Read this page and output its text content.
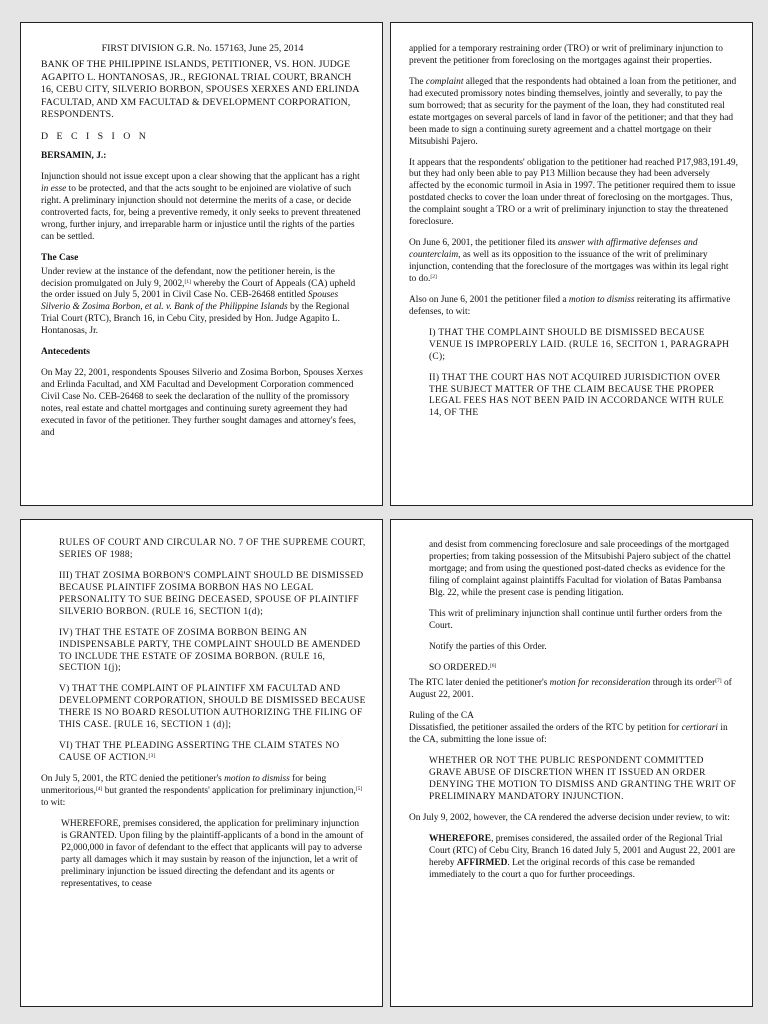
FIRST DIVISION G.R. No. 157163, June 25, 2014

BANK OF THE PHILIPPINE ISLANDS, PETITIONER, VS. HON. JUDGE AGAPITO L. HONTANOSAS, JR., REGIONAL TRIAL COURT, BRANCH 16, CEBU CITY, SILVERIO BORBON, SPOUSES XERXES AND ERLINDA FACULTAD, AND XM FACULTAD & DEVELOPMENT CORPORATION, RESPONDENTS.

D E C I S I O N

BERSAMIN, J.:

Injunction should not issue except upon a clear showing that the applicant has a right in esse to be protected, and that the acts sought to be enjoined are violative of such right. A preliminary injunction should not determine the merits of a case, or decide controverted facts, for, being a preventive remedy, it only seeks to prevent threatened wrong, further injury, and irreparable harm or injustice until the rights of the parties can be settled.

The Case

Under review at the instance of the defendant, now the petitioner herein, is the decision promulgated on July 9, 2002,[1] whereby the Court of Appeals (CA) upheld the order issued on July 5, 2001 in Civil Case No. CEB-26468 entitled Spouses Silverio & Zosima Borbon, et al. v. Bank of the Philippine Islands by the Regional Trial Court (RTC), Branch 16, in Cebu City, presided by Hon. Judge Agapito L. Hontanosas, Jr.

Antecedents

On May 22, 2001, respondents Spouses Silverio and Zosima Borbon, Spouses Xerxes and Erlinda Facultad, and XM Facultad and Development Corporation commenced Civil Case No. CEB-26468 to seek the declaration of the nullity of the promissory notes, real estate and chattel mortgages and continuing surety agreement they had executed in favor of the petitioner. They further sought damages and attorney's fees, and

applied for a temporary restraining order (TRO) or writ of preliminary injunction to prevent the petitioner from foreclosing on the mortgages against their properties.

The complaint alleged that the respondents had obtained a loan from the petitioner, and had executed promissory notes binding themselves, jointly and severally, to pay the sum borrowed; that as security for the payment of the loan, they had constituted real estate mortgages on several parcels of land in favor of the petitioner; and that they had been made to sign a continuing surety agreement and a chattel mortgage on their Mitsubishi Pajero.

It appears that the respondents' obligation to the petitioner had reached P17,983,191.49, but they had only been able to pay P13 Million because they had been adversely affected by the economic turmoil in Asia in 1997. The petitioner required them to issue postdated checks to cover the loan under threat of foreclosing on the mortgages. Thus, the complaint sought a TRO or a writ of preliminary injunction to stay the threatened foreclosure.

On June 6, 2001, the petitioner filed its answer with affirmative defenses and counterclaim, as well as its opposition to the issuance of the writ of preliminary injunction, contending that the foreclosure of the mortgages was within its legal right to do.[2]

Also on June 6, 2001 the petitioner filed a motion to dismiss reiterating its affirmative defenses, to wit:

I) THAT THE COMPLAINT SHOULD BE DISMISSED BECAUSE VENUE IS IMPROPERLY LAID. (RULE 16, SECITON 1, PARAGRAPH (C);

II) THAT THE COURT HAS NOT ACQUIRED JURISDICTION OVER THE SUBJECT MATTER OF THE CLAIM BECAUSE THE PROPER LEGAL FEES HAS NOT BEEN PAID IN ACCORDANCE WITH RULE 14, OF THE

RULES OF COURT AND CIRCULAR NO. 7 OF THE SUPREME COURT, SERIES OF 1988;

III) THAT ZOSIMA BORBON'S COMPLAINT SHOULD BE DISMISSED BECAUSE PLAINTIFF ZOSIMA BORBON HAS NO LEGAL PERSONALITY TO SUE BEING DECEASED, SPOUSE OF PLAINTIFF SILVERIO BORBON. (RULE 16, SECTION 1(d);

IV) THAT THE ESTATE OF ZOSIMA BORBON BEING AN INDISPENSABLE PARTY, THE COMPLAINT SHOULD BE AMENDED TO INCLUDE THE ESTATE OF ZOSIMA BORBON. (RULE 16, SECTION 1(j);

V) THAT THE COMPLAINT OF PLAINTIFF XM FACULTAD AND DEVELOPMENT CORPORATION, SHOULD BE DISMISSED BECAUSE THERE IS NO BOARD RESOLUTION AUTHORIZING THE FILING OF THIS CASE. [RULE 16, SECTION 1 (d)];

VI) THAT THE PLEADING ASSERTING THE CLAIM STATES NO CAUSE OF ACTION.[3]

On July 5, 2001, the RTC denied the petitioner's motion to dismiss for being unmeritorious,[4] but granted the respondents' application for preliminary injunction,[5] to wit:

WHEREFORE, premises considered, the application for preliminary injunction is GRANTED. Upon filing by the plaintiff-applicants of a bond in the amount of P2,000,000 in favor of defendant to the effect that applicants will pay to adverse party all damages which it may sustain by reason of the injunction, let a writ of preliminary injunction be issued directing the defendant and its agents or representatives, to cease

and desist from commencing foreclosure and sale proceedings of the mortgaged properties; from taking possession of the Mitsubishi Pajero subject of the chattel mortgage; and from using the questioned post-dated checks as evidence for the filing of complaint against plaintiffs Facultad for violation of Batas Pambansa Blg. 22, while the present case is pending litigation.

This writ of preliminary injunction shall continue until further orders from the Court.

Notify the parties of this Order.

SO ORDERED.[6]

The RTC later denied the petitioner's motion for reconsideration through its order[7] of August 22, 2001.

Ruling of the CA

Dissatisfied, the petitioner assailed the orders of the RTC by petition for certiorari in the CA, submitting the lone issue of:

WHETHER OR NOT THE PUBLIC RESPONDENT COMMITTED GRAVE ABUSE OF DISCRETION WHEN IT ISSUED AN ORDER DENYING THE MOTION TO DISMISS AND GRANTING THE WRIT OF PRELIMINARY MANDATORY INJUNCTION.

On July 9, 2002, however, the CA rendered the adverse decision under review, to wit:

WHEREFORE, premises considered, the assailed order of the Regional Trial Court (RTC) of Cebu City, Branch 16 dated July 5, 2001 and August 22, 2001 are hereby AFFIRMED. Let the original records of this case be remanded immediately to the court a quo for further proceedings.
